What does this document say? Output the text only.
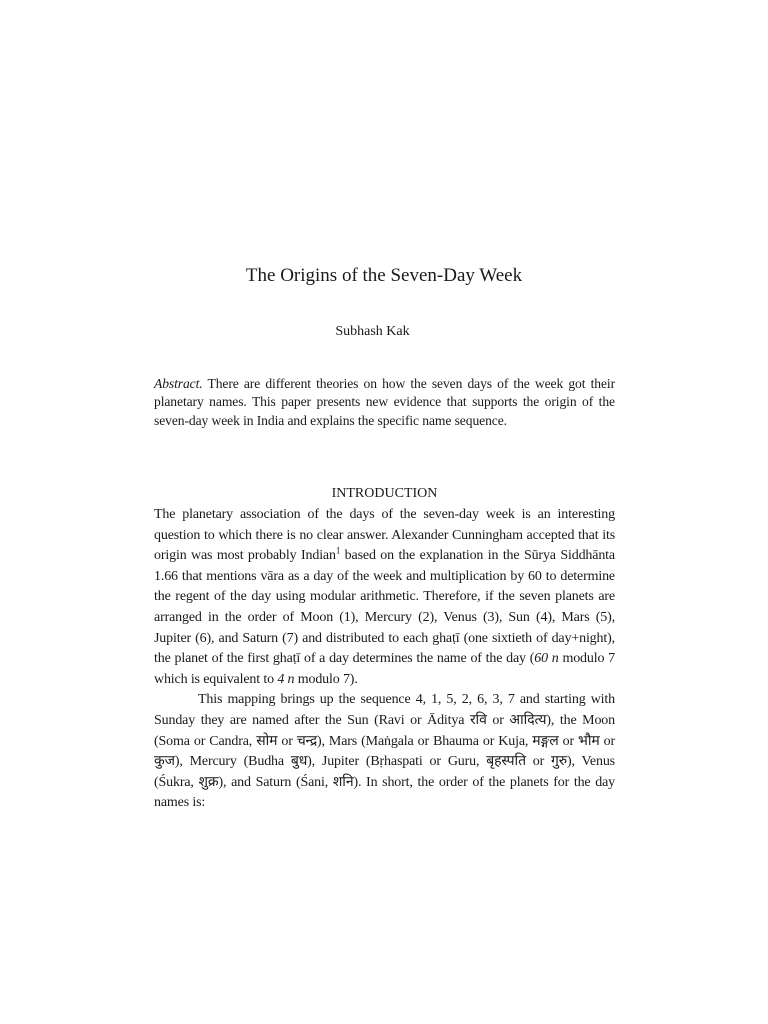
The Origins of the Seven-Day Week
Subhash Kak
Abstract. There are different theories on how the seven days of the week got their planetary names. This paper presents new evidence that supports the origin of the seven-day week in India and explains the specific name sequence.
INTRODUCTION

The planetary association of the days of the seven-day week is an interesting question to which there is no clear answer. Alexander Cunningham accepted that its origin was most probably Indian$^1$ based on the explanation in the Sūrya Siddhānta 1.66 that mentions vāra as a day of the week and multiplication by 60 to determine the regent of the day using modular arithmetic. Therefore, if the seven planets are arranged in the order of Moon (1), Mercury (2), Venus (3), Sun (4), Mars (5), Jupiter (6), and Saturn (7) and distributed to each ghaṭī (one sixtieth of day+night), the planet of the first ghaṭī of a day determines the name of the day (60 n modulo 7 which is equivalent to 4 n modulo 7).

This mapping brings up the sequence 4, 1, 5, 2, 6, 3, 7 and starting with Sunday they are named after the Sun (Ravi or Āditya रवि or आदित्य), the Moon (Soma or Candra, सोम or चन्द्र), Mars (Maṅgala or Bhauma or Kuja, मङ्गल or भौम or कुज), Mercury (Budha बुध), Jupiter (Bṛhaspati or Guru, बृहस्पति or गुरु), Venus (Śukra, शुक्र), and Saturn (Śani, शनि). In short, the order of the planets for the day names is:
